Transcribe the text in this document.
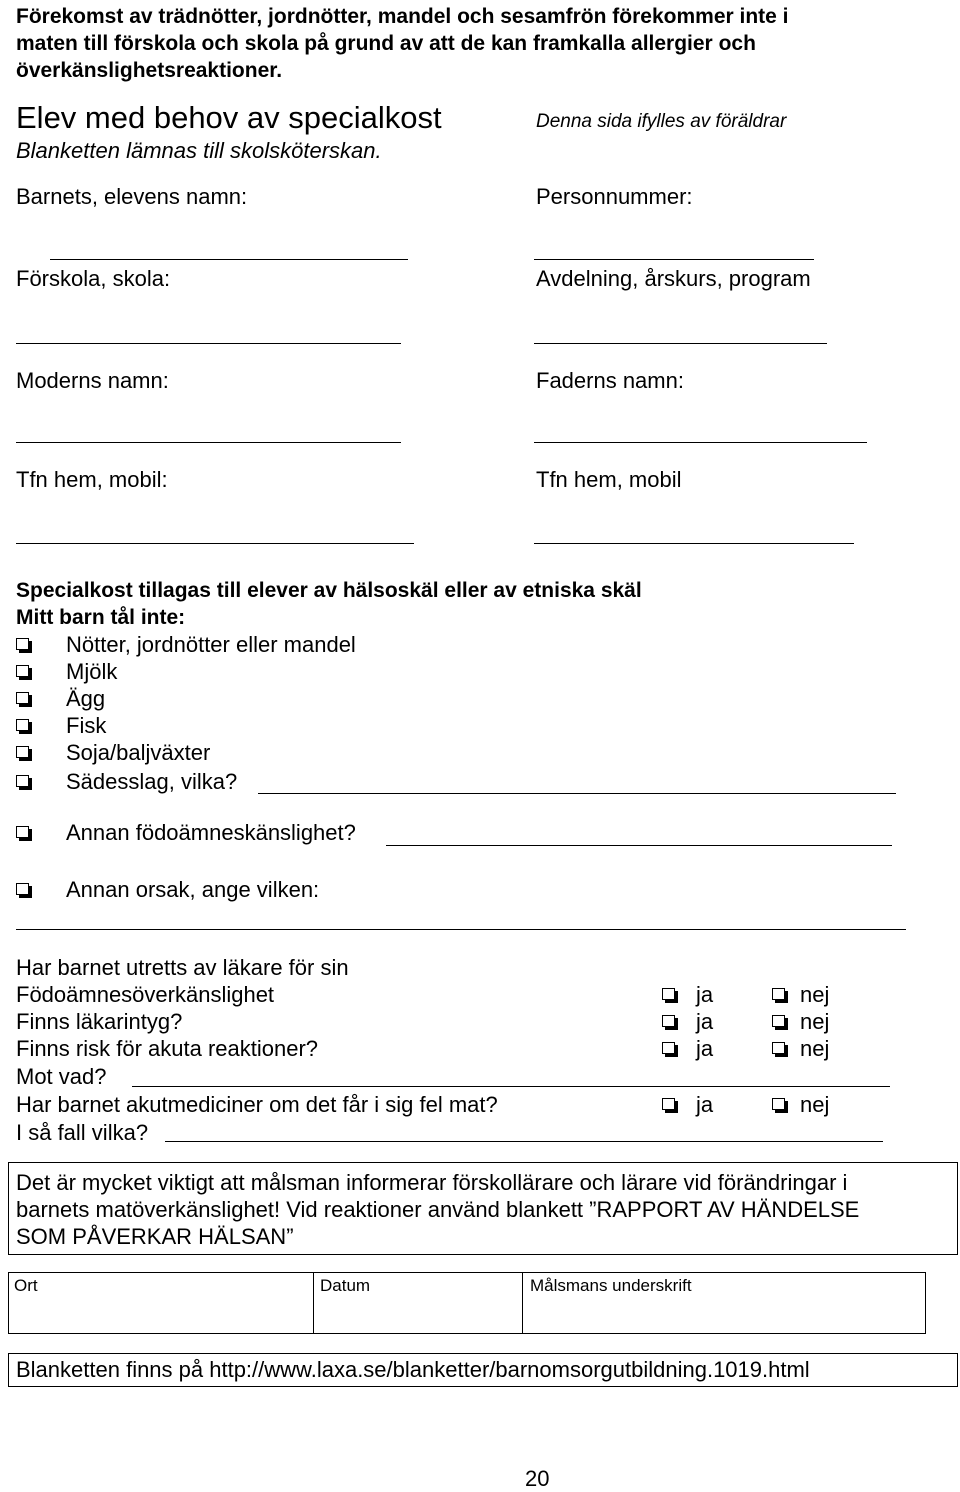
Förekomst av trädnötter, jordnötter, mandel och sesamfrön förekommer inte i
maten till förskola och skola på grund av att de kan framkalla allergier och
överkänslighetsreaktioner.
Elev med behov av specialkost
Blanketten lämnas till skolsköterskan.
Denna sida ifylles av föräldrar
Barnets, elevens namn:	Personnummer:
Förskola, skola:	Avdelning, årskurs, program
Moderns namn:	Faderns namn:
Tfn hem, mobil:	Tfn hem, mobil
Specialkost tillagas till elever av hälsoskäl eller av etniska skäl
Mitt barn tål inte:
Nötter, jordnötter eller mandel
Mjölk
Ägg
Fisk
Soja/baljväxter
Sädesslag, vilka?
Annan födoämneskänslighet?
Annan orsak, ange vilken:
Har barnet utretts av läkare för sin
Födoämnesöverkänslighet	ja	nej
Finns läkarintyg?	ja	nej
Finns risk för akuta reaktioner?	ja	nej
Mot vad?
Har barnet akutmediciner om det får i sig fel mat?	ja	nej
I så fall vilka?
Det är mycket viktigt att målsman informerar förskollärare och lärare vid förändringar i
barnets matöverkänslighet! Vid reaktioner använd blankett ”RAPPORT AV HÄNDELSE
SOM PÅVERKAR HÄLSAN”
Ort	Datum	Målsmans underskrift
Blanketten finns på http://www.laxa.se/blanketter/barnomsorgutbildning.1019.html
20
